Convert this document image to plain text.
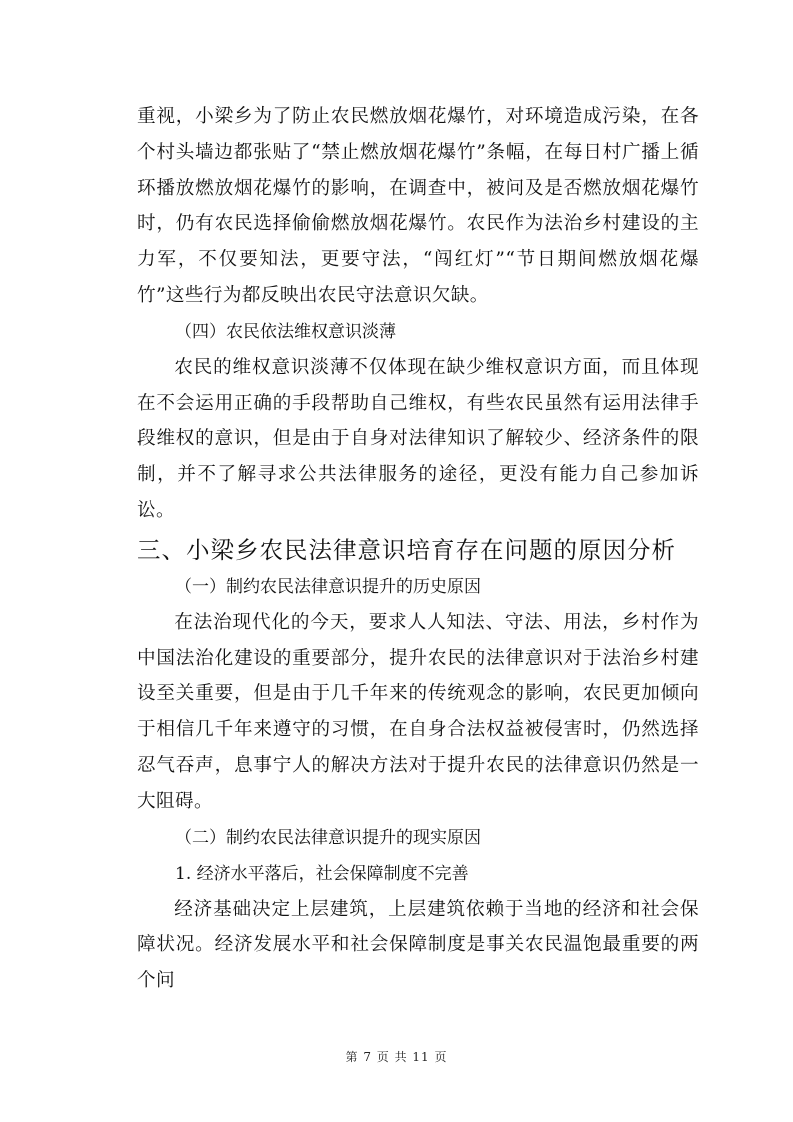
重视，小梁乡为了防止农民燃放烟花爆竹，对环境造成污染，在各个村头墙边都张贴了“禁止燃放烟花爆竹”条幅，在每日村广播上循环播放燃放烟花爆竹的影响，在调查中，被问及是否燃放烟花爆竹时，仍有农民选择偷偷燃放烟花爆竹。农民作为法治乡村建设的主力军，不仅要知法，更要守法，“闯红灯”“节日期间燃放烟花爆竹”这些行为都反映出农民守法意识欠缺。

（四）农民依法维权意识淡薄

农民的维权意识淡薄不仅体现在缺少维权意识方面，而且体现在不会运用正确的手段帮助自己维权，有些农民虽然有运用法律手段维权的意识，但是由于自身对法律知识了解较少、经济条件的限制，并不了解寻求公共法律服务的途径，更没有能力自己参加诉讼。

三、小梁乡农民法律意识培育存在问题的原因分析

（一）制约农民法律意识提升的历史原因

在法治现代化的今天，要求人人知法、守法、用法，乡村作为中国法治化建设的重要部分，提升农民的法律意识对于法治乡村建设至关重要，但是由于几千年来的传统观念的影响，农民更加倾向于相信几千年来遵守的习惯，在自身合法权益被侵害时，仍然选择忍气吞声，息事宁人的解决方法对于提升农民的法律意识仍然是一大阻碍。

（二）制约农民法律意识提升的现实原因

1. 经济水平落后，社会保障制度不完善

经济基础决定上层建筑，上层建筑依赖于当地的经济和社会保障状况。经济发展水平和社会保障制度是事关农民温饱最重要的两个问

第 7 页 共 11 页
